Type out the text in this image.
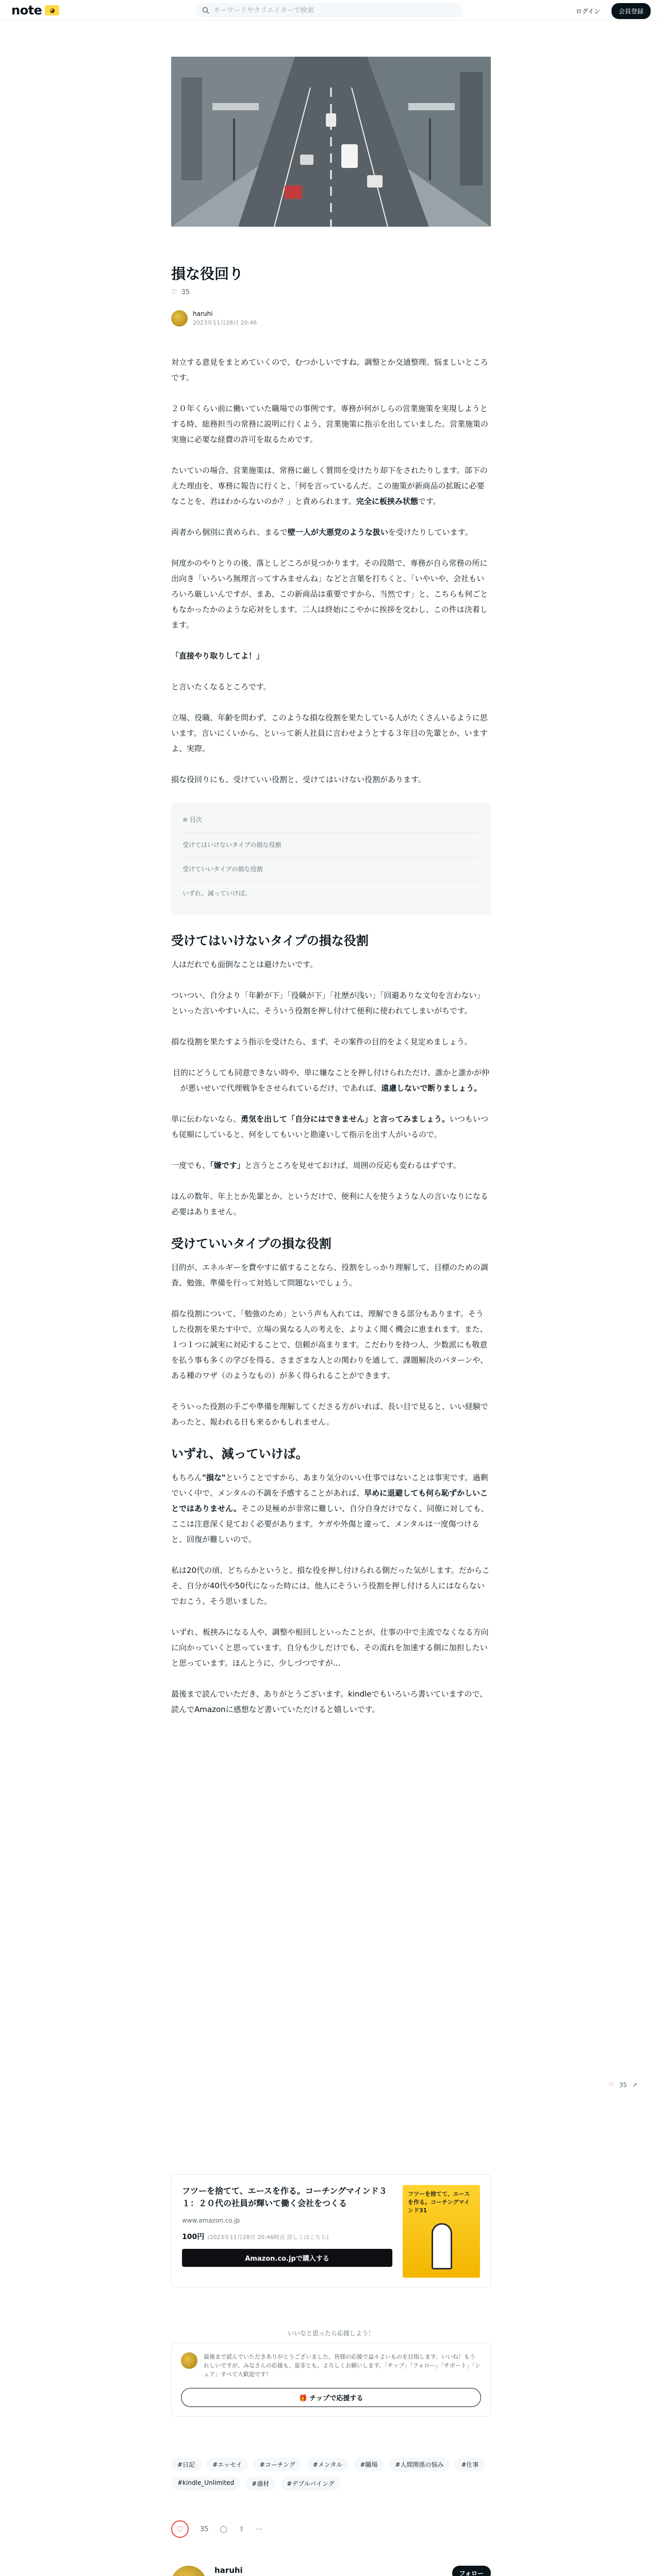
note	◕
キーワードやクリエイターで検索	ログイン	会員登録
損な役回り
♡ 35
haruhi
2023年11月28日 20:46

対立する意見をまとめていくので、むつかしいですね。調整とか交通整理。悩ましいところです。

２０年くらい前に働いていた職場での事例です。専務が何がしらの営業施策を実現しようとする時、総務担当の常務に説明に行くよう、営業施策に指示を出していました。営業施策の実施に必要な経費の許可を取るためです。

たいていの場合、営業施策は、常務に厳しく質問を受けたり却下をされたりします。部下のえた理由を、専務に報告に行くと、「何を言っているんだ。この施策が新商品の拡販に必要なことを、君はわからないのか？」と責められます。完全に板挟み状態です。

両者から個別に責められ、まるで壁一人が大悪党のような扱いを受けたりしています。

何度かのやりとりの後、落としどころが見つかります。その段階で、専務が自ら常務の所に出向き「いろいろ無理言ってすみませんね」などと言葉を打ちくと、「いやいや、会社もいろいろ厳しいんですが、まあ、この新商品は重要ですから、当然です」と、こちらも何ごともなかったかのような応対をします。二人は終始にこやかに挨拶を交わし、この件は決着します。

「直接やり取りしてよ！」

と言いたくなるところです。

立場、役職、年齢を問わず、このような損な役割を果たしている人がたくさんいるように思います。言いにくいから、といって新人社員に言わせようとする３年目の先輩とか、いますよ、実際。

損な役回りにも、受けていい役割と、受けてはいけない役割があります。

≡ 目次
受けてはいけないタイプの損な役割
受けていいタイプの損な役割
いずれ、減っていけば。
受けてはいけないタイプの損な役割

人はだれでも面倒なことは避けたいです。

ついつい、自分より「年齢が下」「役職が下」「社歴が浅い」「回避ありな文句を言わない」といった言いやすい人に、そういう役割を押し付けて便利に使われてしまいがちです。

損な役割を果たすよう指示を受けたら、まず、その案件の目的をよく見定めましょう。

目的にどうしても同意できない時や、単に嫌なことを押し付けられただけ、誰かと誰かが仲が悪いせいで代理戦争をさせられているだけ、であれば、遠慮しないで断りましょう。

単に伝わないなら、勇気を出して「自分にはできません」と言ってみましょう。いつもいつも従順にしていると、何をしてもいいと勘違いして指示を出す人がいるので。

一度でも、「嫌です」と言うところを見せておけば、周囲の反応も変わるはずです。

ほんの数年、年上とか先輩とか、というだけで、便利に人を使うような人の言いなりになる必要はありません。

受けていいタイプの損な役割

目的が、エネルギーを費やすに値することなら、役割をしっかり理解して、目標のための調査、勉強、準備を行って対処して問題ないでしょう。

損な役割について、「勉強のため」という声も入れては、理解できる部分もあります。そうした役割を果たす中で、立場の異なる人の考えを、よりよく聞く機会に恵まれます。また、１つ１つに誠実に対応することで、信頼が高まります。こだわりを持つ人、少数派にも敬意を払う事も多くの学びを得る、さまざまな人との関わりを通して、課題解決のパターンや、ある種のワザ（のようなもの）が多く得られることができます。

そういった役割の手ごや準備を理解してくださる方がいれば、長い目で見ると、いい経験であったと、報われる日も来るかもしれません。

いずれ、減っていけば。

もちろん"損な"ということですから、あまり気分のいい仕事ではないことは事実です。過剰でいく中で、メンタルの不調を予感することがあれば、早めに退避しても何ら恥ずかしいことではありません。そこの見極めが非常に難しい、自分自身だけでなく、同僚に対しても、ここは注意深く見ておく必要があります。ケガや外傷と違って、メンタルは一度傷つけると、回復が難しいので。

私は20代の頃、どちらかというと、損な役を押し付けられる側だった気がします。だからこそ、自分が40代や50代になった時には、他人にそういう役割を押し付ける人にはならないでおこう、そう思いました。

いずれ、板挟みになる人や、調整や根回しといったことが、仕事の中で主流でなくなる方向に向かっていくと思っています。自分も少しだけでも、その流れを加速する側に加担したいと思っています。ほんとうに、少しづつですが…

最後まで読んでいただき、ありがとうございます。kindleでもいろいろ書いていますので、読んでAmazonに感想など書いていただけると嬉しいです。

♡ 35 ↗
フツーを捨てて、エースを作る。コーチングマインド３１：２０代の社員が輝いて働く会社をつくる
www.amazon.co.jp
100円 (2023年11月28日 20:46時点 詳しくはこちら)
Amazon.co.jpで購入する
フツーを捨てて、エースを作る。コーチングマインド31
いいなと思ったら応援しよう！
最後まで読んでいただきありがとうございました。皆様の応援で益々よいものを目指します。いいね！もうれしいですが、みなさんの応援も、是非とも、よろしくお願いします。「チップ」「フォロー」「サポート」「シェア」すべて大歓迎です！
🎁 チップで応援する
#日記	#エッセイ	#コーチング	#メンタル	#職場	#人間関係の悩み	#仕事
#kindle_Unlimited	#適材	#デブルパイング
♡ 35 ◯ ⇪ ⋯
haruhi	フォロー
